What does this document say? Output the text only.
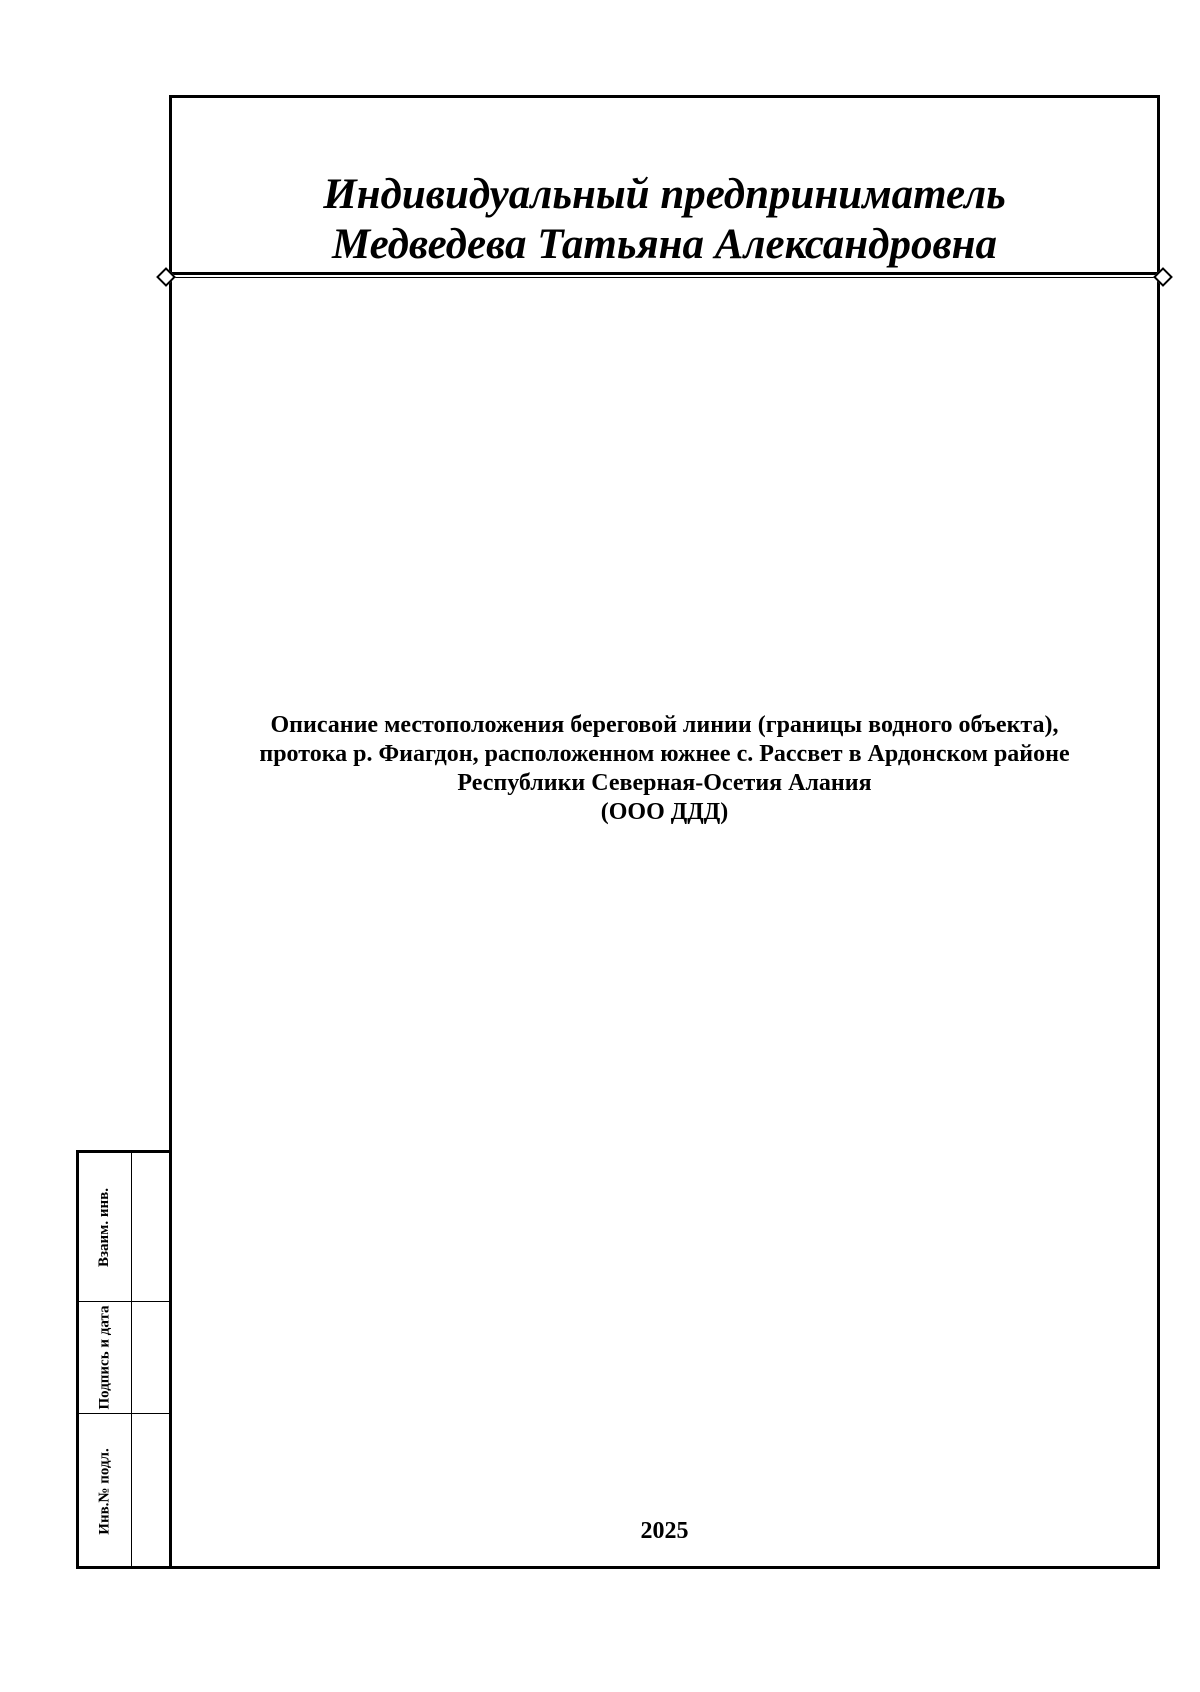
Индивидуальный предприниматель
Медведева Татьяна Александровна
Описание местоположения береговой линии (границы водного объекта),
протока р. Фиагдон, расположенном южнее с. Рассвет в Ардонском районе
Республики Северная-Осетия Алания
(ООО ДДД)
2025
Взаим. инв.
Подпись и дата
Инв.№ подл.
